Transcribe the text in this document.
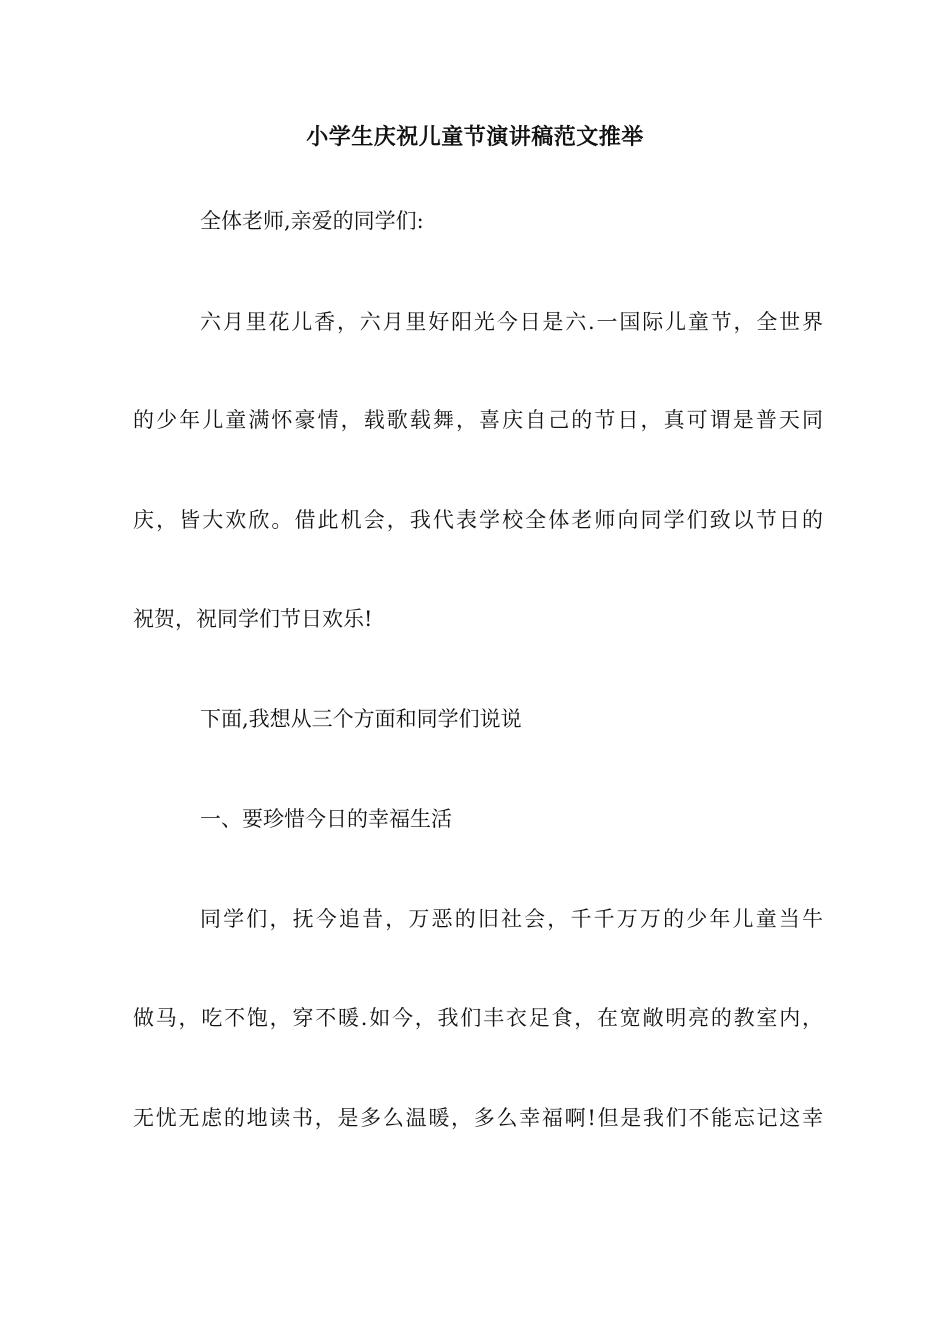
小学生庆祝儿童节演讲稿范文推举
全体老师,亲爱的同学们:
六月里花儿香，六月里好阳光今日是六.一国际儿童节，全世界
的少年儿童满怀豪情，载歌载舞，喜庆自己的节日，真可谓是普天同
庆，皆大欢欣。借此机会，我代表学校全体老师向同学们致以节日的
祝贺，祝同学们节日欢乐!
下面,我想从三个方面和同学们说说
一、要珍惜今日的幸福生活
同学们，抚今追昔，万恶的旧社会，千千万万的少年儿童当牛
做马，吃不饱，穿不暖.如今，我们丰衣足食，在宽敞明亮的教室内，
无忧无虑的地读书，是多么温暖，多么幸福啊!但是我们不能忘记这幸
